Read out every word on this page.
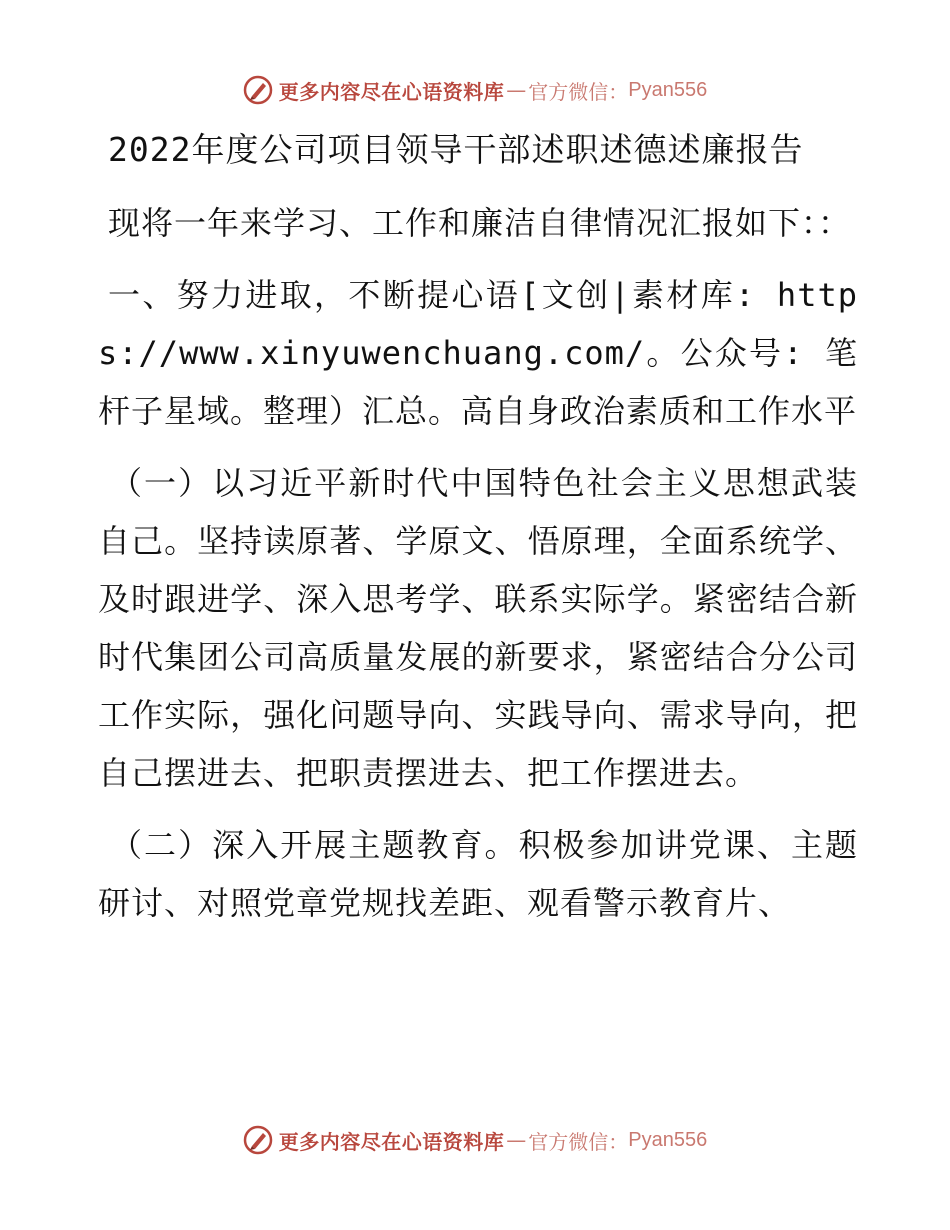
更多内容尽在心语资料库 — 官方微信： Pyan556
2022年度公司项目领导干部述职述德述廉报告

现将一年来学习、工作和廉洁自律情况汇报如下：：

一、努力进取，不断提心语[文创|素材库: https://www.xinyuwenchuang.com/。公众号: 笔杆子星域。整理）汇总。高自身政治素质和工作水平

（一）以习近平新时代中国特色社会主义思想武装自己。坚持读原著、学原文、悟原理，全面系统学、及时跟进学、深入思考学、联系实际学。紧密结合新时代集团公司高质量发展的新要求，紧密结合分公司工作实际，强化问题导向、实践导向、需求导向，把自己摆进去、把职责摆进去、把工作摆进去。

（二）深入开展主题教育。积极参加讲党课、主题研讨、对照党章党规找差距、观看警示教育片、

更多内容尽在心语资料库 — 官方微信： Pyan556
